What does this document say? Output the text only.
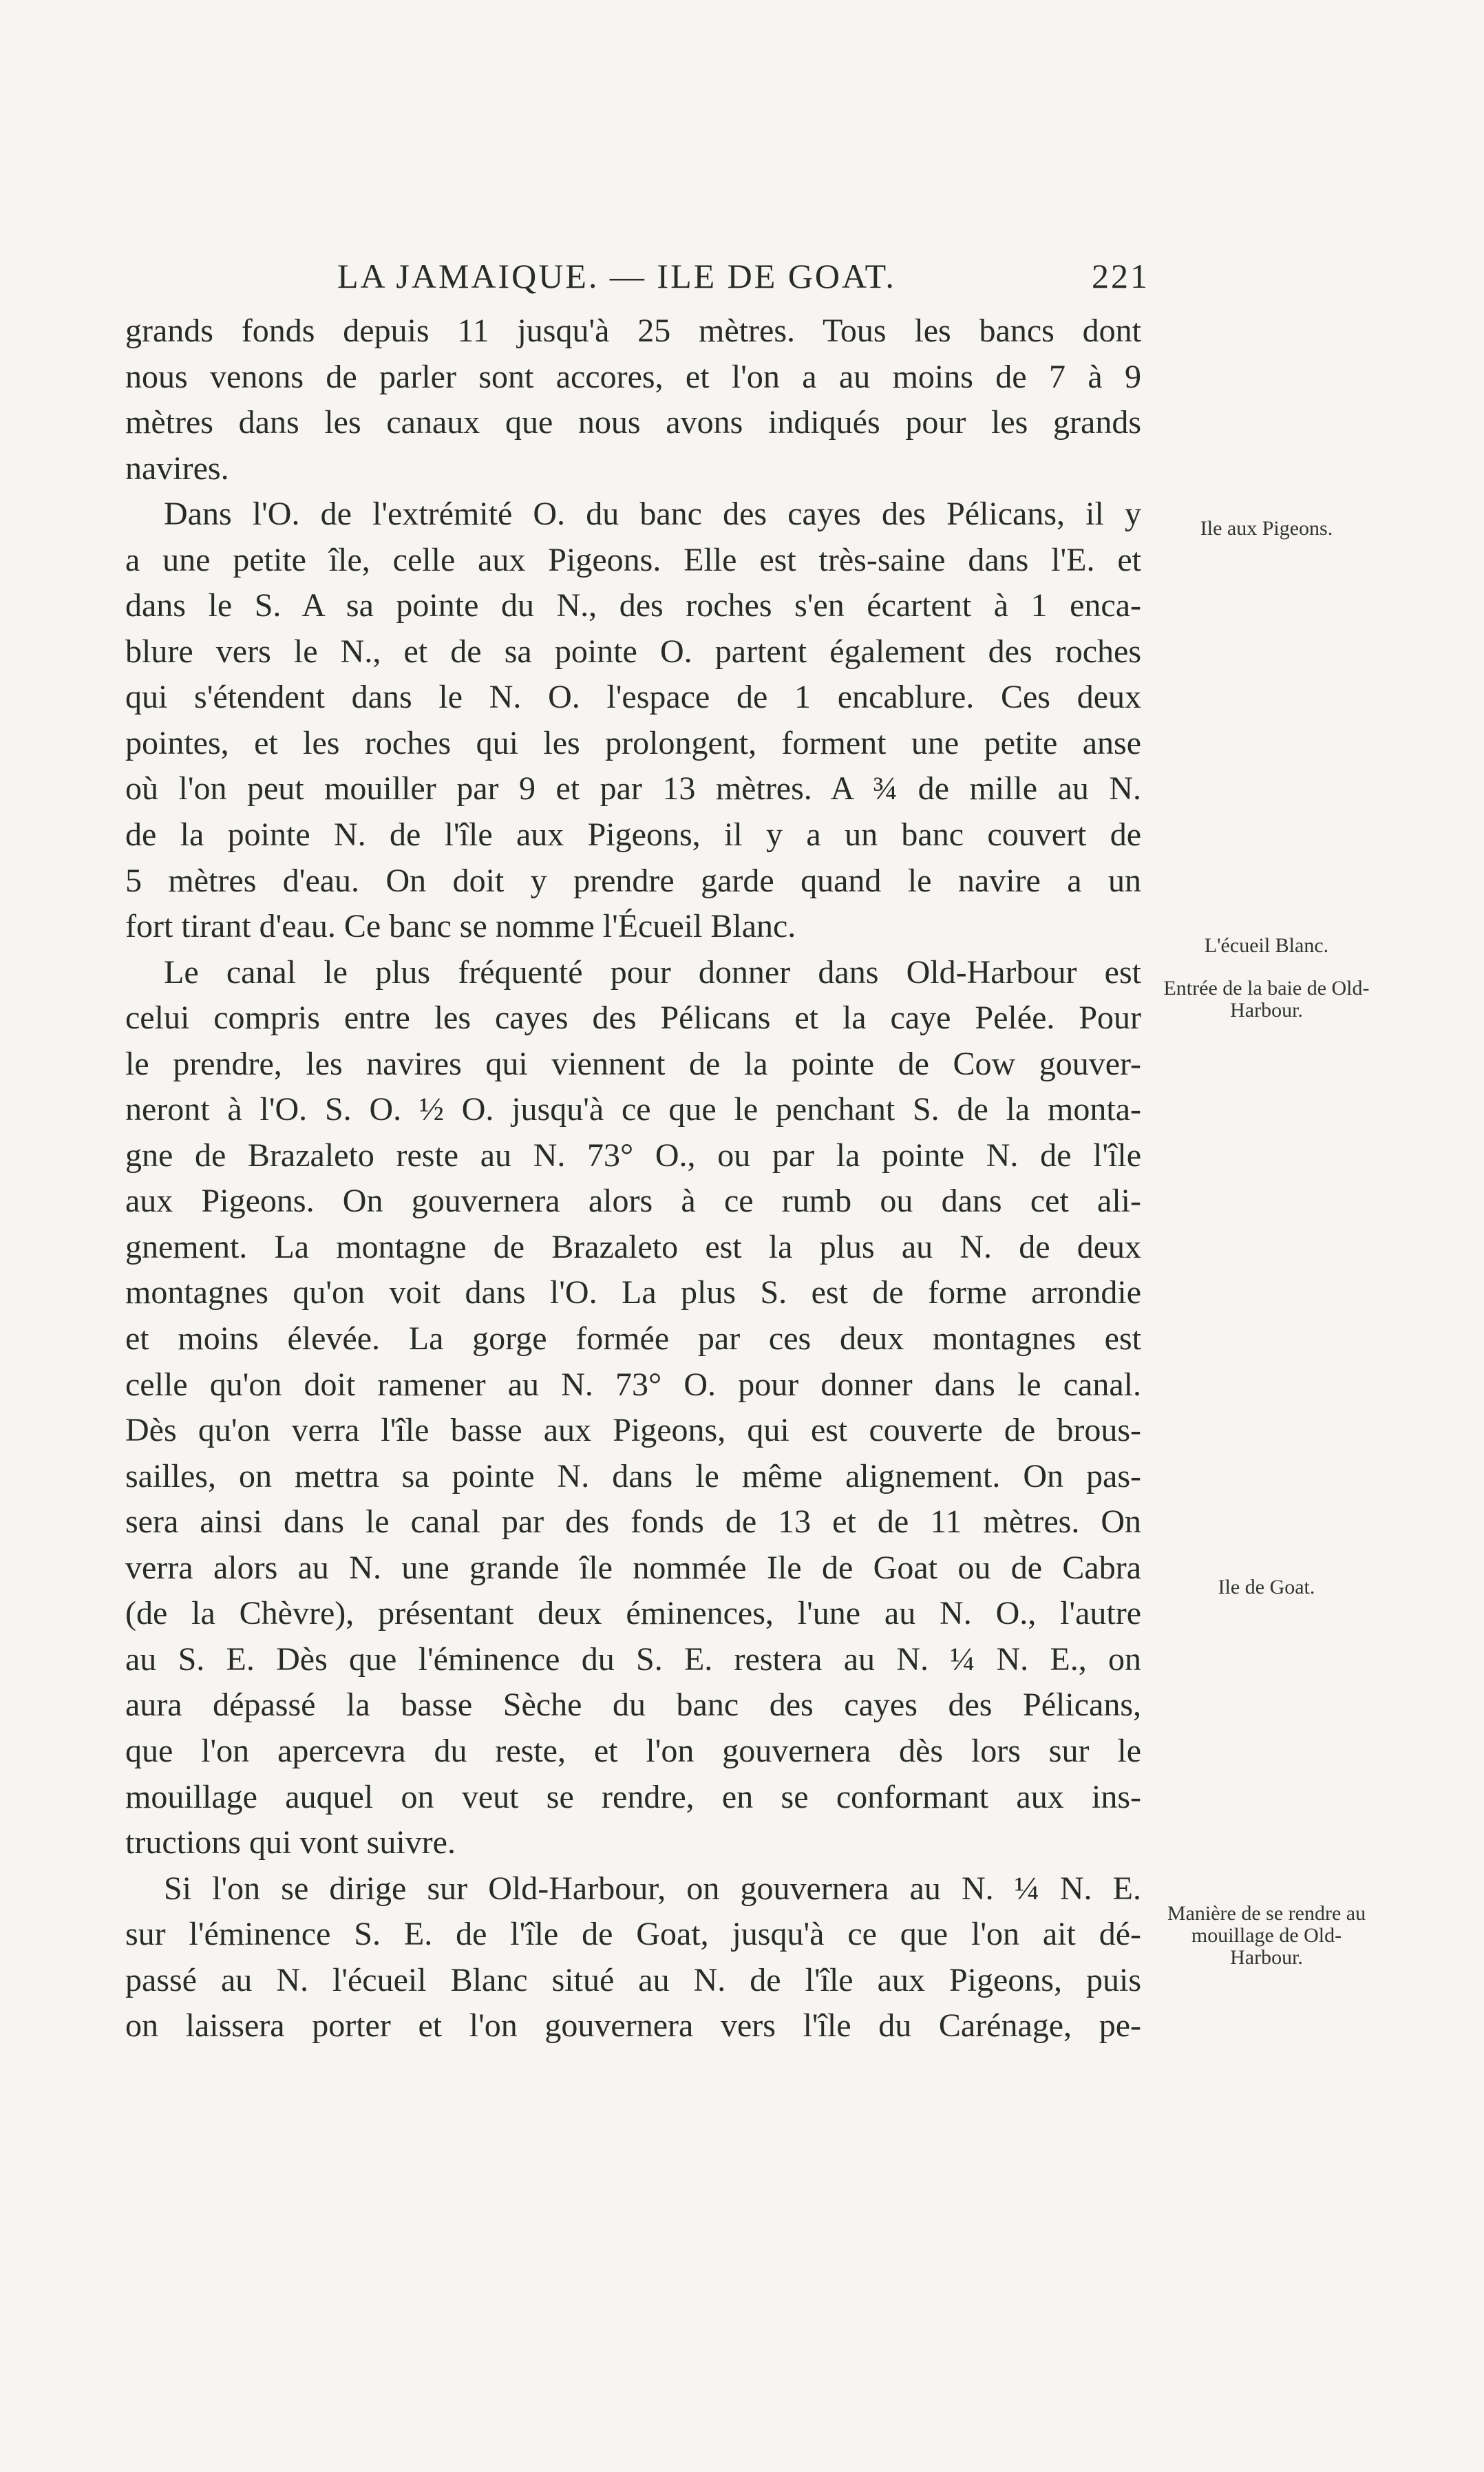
LA JAMAIQUE. — ILE DE GOAT.	221
grands fonds depuis 11 jusqu'à 25 mètres. Tous les bancs dont
nous venons de parler sont accores, et l'on a au moins de 7 à 9
mètres dans les canaux que nous avons indiqués pour les grands
navires.
Dans l'O. de l'extrémité O. du banc des cayes des Pélicans, il y
a une petite île, celle aux Pigeons. Elle est très-saine dans l'E. et
dans le S. A sa pointe du N., des roches s'en écartent à 1 enca-
blure vers le N., et de sa pointe O. partent également des roches
qui s'étendent dans le N. O. l'espace de 1 encablure. Ces deux
pointes, et les roches qui les prolongent, forment une petite anse
où l'on peut mouiller par 9 et par 13 mètres. A ¾ de mille au N.
de la pointe N. de l'île aux Pigeons, il y a un banc couvert de
5 mètres d'eau. On doit y prendre garde quand le navire a un
fort tirant d'eau. Ce banc se nomme l'Écueil Blanc.
Le canal le plus fréquenté pour donner dans Old-Harbour est
celui compris entre les cayes des Pélicans et la caye Pelée. Pour
le prendre, les navires qui viennent de la pointe de Cow gouver-
neront à l'O. S. O. ½ O. jusqu'à ce que le penchant S. de la monta-
gne de Brazaleto reste au N. 73° O., ou par la pointe N. de l'île
aux Pigeons. On gouvernera alors à ce rumb ou dans cet ali-
gnement. La montagne de Brazaleto est la plus au N. de deux
montagnes qu'on voit dans l'O. La plus S. est de forme arrondie
et moins élevée. La gorge formée par ces deux montagnes est
celle qu'on doit ramener au N. 73° O. pour donner dans le canal.
Dès qu'on verra l'île basse aux Pigeons, qui est couverte de brous-
sailles, on mettra sa pointe N. dans le même alignement. On pas-
sera ainsi dans le canal par des fonds de 13 et de 11 mètres. On
verra alors au N. une grande île nommée Ile de Goat ou de Cabra
(de la Chèvre), présentant deux éminences, l'une au N. O., l'autre
au S. E. Dès que l'éminence du S. E. restera au N. ¼ N. E., on
aura dépassé la basse Sèche du banc des cayes des Pélicans,
que l'on apercevra du reste, et l'on gouvernera dès lors sur le
mouillage auquel on veut se rendre, en se conformant aux ins-
tructions qui vont suivre.
Si l'on se dirige sur Old-Harbour, on gouvernera au N. ¼ N. E.
sur l'éminence S. E. de l'île de Goat, jusqu'à ce que l'on ait dé-
passé au N. l'écueil Blanc situé au N. de l'île aux Pigeons, puis
on laissera porter et l'on gouvernera vers l'île du Carénage, pe-
Ile aux Pigeons.
L'écueil Blanc.
Entrée de la baie de Old-Harbour.
Ile de Goat.
Manière de se rendre au mouillage de Old-Harbour.
